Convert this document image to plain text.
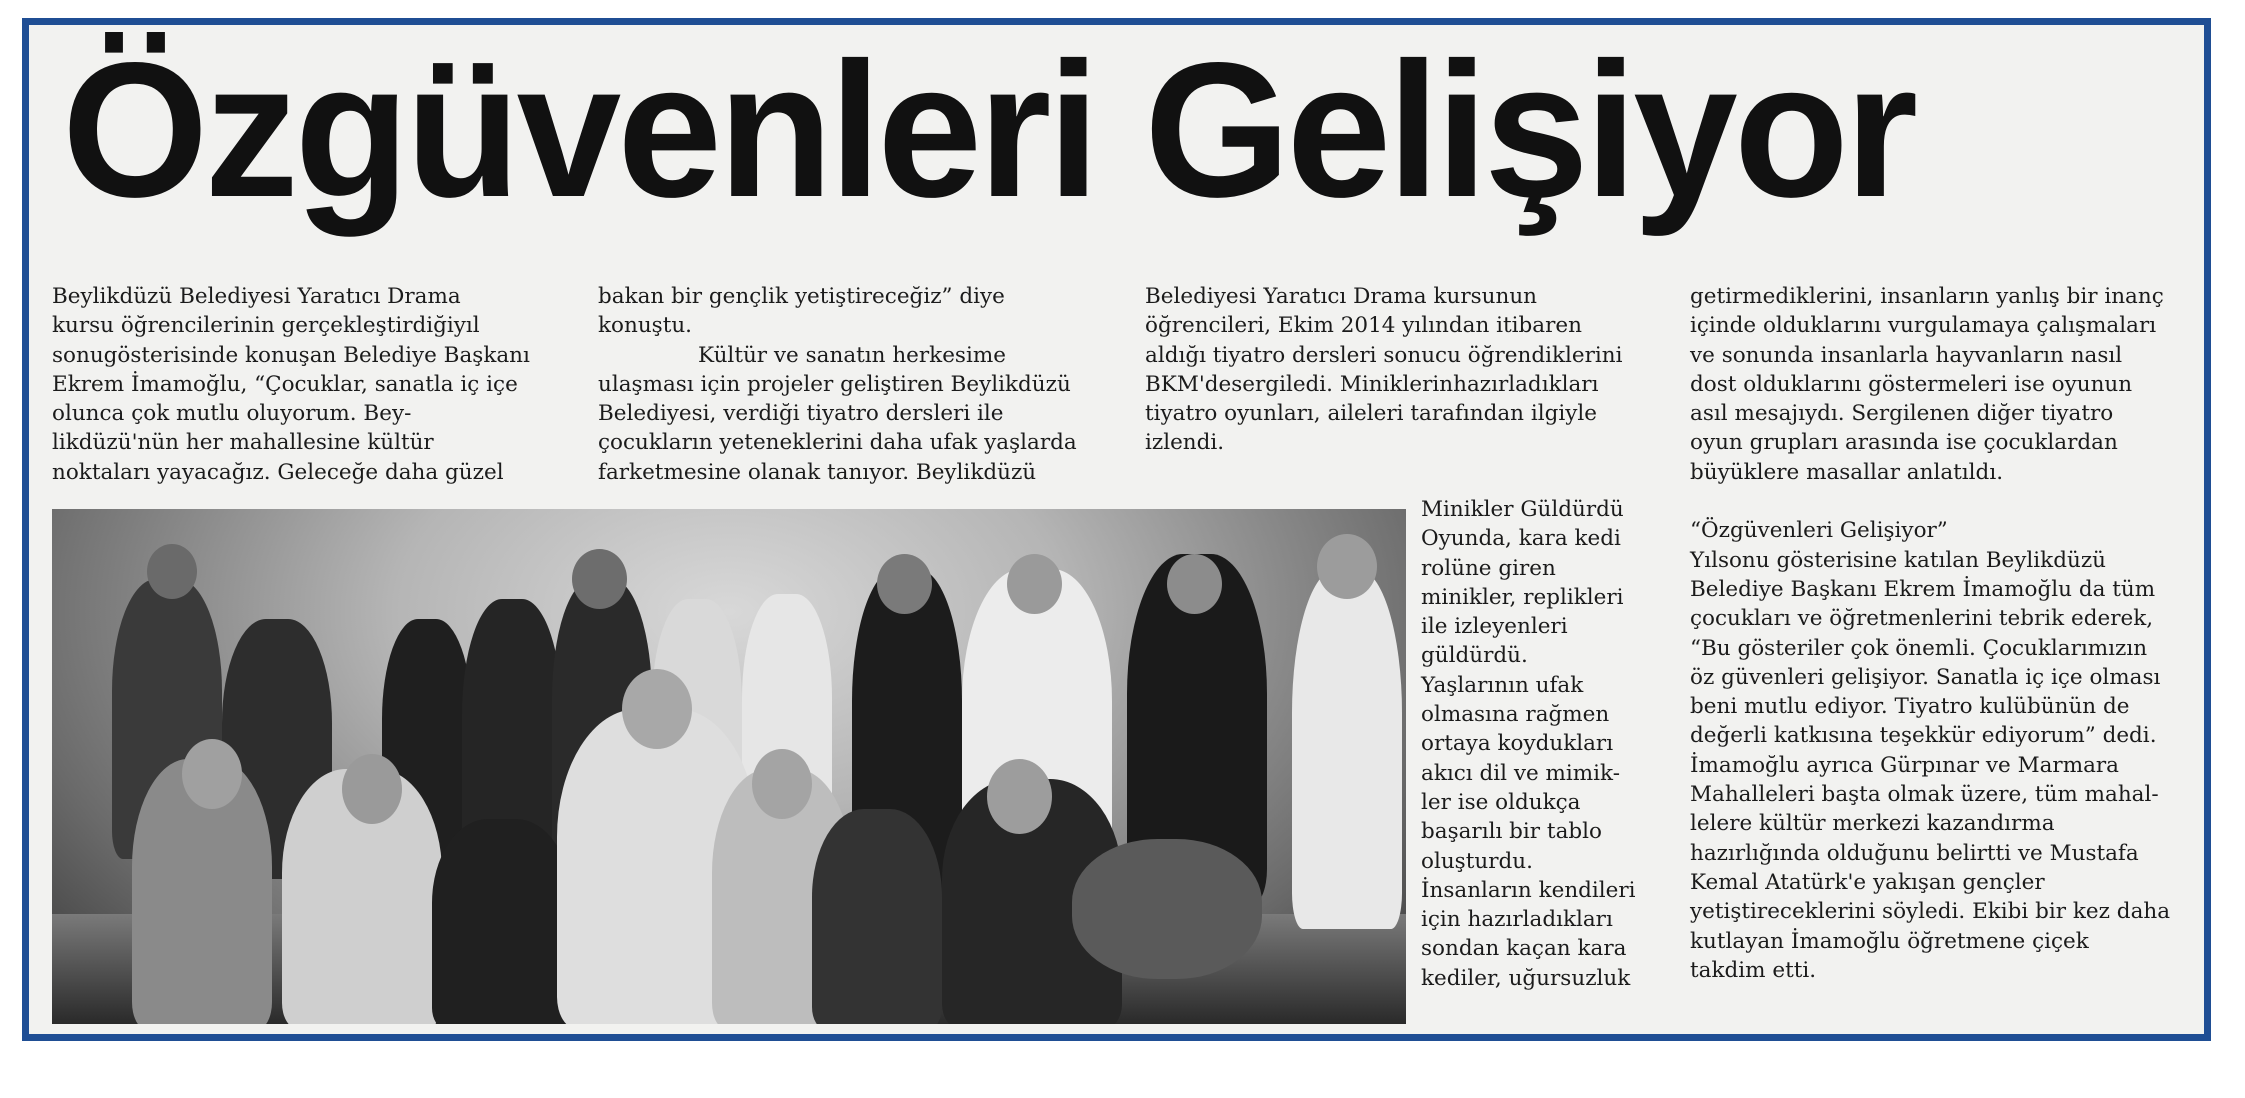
Özgüvenleri Gelişiyor

Beylikdüzü Belediyesi Yaratıcı Drama

kursu öğrencilerinin gerçekleştirdiğiyıl

sonugösterisinde konuşan Belediye Başkanı

Ekrem İmamoğlu, “Çocuklar, sanatla iç içe

olunca çok mutlu oluyorum. Bey-

likdüzü'nün her mahallesine kültür

noktaları yayacağız. Geleceğe daha güzel

bakan bir gençlik yetiştireceğiz” diye

konuştu.

Kültür ve sanatın herkesime

ulaşması için projeler geliştiren Beylikdüzü

Belediyesi, verdiği tiyatro dersleri ile

çocukların yeteneklerini daha ufak yaşlarda

farketmesine olanak tanıyor. Beylikdüzü

Belediyesi Yaratıcı Drama kursunun

öğrencileri, Ekim 2014 yılından itibaren

aldığı tiyatro dersleri sonucu öğrendiklerini

BKM'desergiledi. Miniklerinhazırladıkları

tiyatro oyunları, aileleri tarafından ilgiyle

izlendi.

Minikler Güldürdü

Oyunda, kara kedi

rolüne giren

minikler, replikleri

ile izleyenleri

güldürdü.

Yaşlarının ufak

olmasına rağmen

ortaya koydukları

akıcı dil ve mimik-

ler ise oldukça

başarılı bir tablo

oluşturdu.

İnsanların kendileri

için hazırladıkları

sondan kaçan kara

kediler, uğursuzluk

getirmediklerini, insanların yanlış bir inanç

içinde olduklarını vurgulamaya çalışmaları

ve sonunda insanlarla hayvanların nasıl

dost olduklarını göstermeleri ise oyunun

asıl mesajıydı. Sergilenen diğer tiyatro

oyun grupları arasında ise çocuklardan

büyüklere masallar anlatıldı.

“Özgüvenleri Gelişiyor”

Yılsonu gösterisine katılan Beylikdüzü

Belediye Başkanı Ekrem İmamoğlu da tüm

çocukları ve öğretmenlerini tebrik ederek,

“Bu gösteriler çok önemli. Çocuklarımızın

öz güvenleri gelişiyor. Sanatla iç içe olması

beni mutlu ediyor. Tiyatro kulübünün de

değerli katkısına teşekkür ediyorum” dedi.

İmamoğlu ayrıca Gürpınar ve Marmara

Mahalleleri başta olmak üzere, tüm mahal-

lelere kültür merkezi kazandırma

hazırlığında olduğunu belirtti ve Mustafa

Kemal Atatürk'e yakışan gençler

yetiştireceklerini söyledi. Ekibi bir kez daha

kutlayan İmamoğlu öğretmene çiçek

takdim etti.
